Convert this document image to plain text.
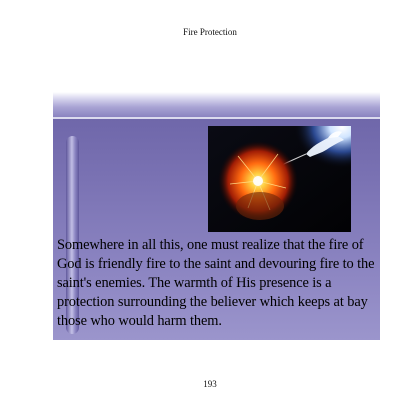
Fire Protection
Somewhere in all this, one must realize that the fire of God is friendly fire to the saint and devouring fire to the saint's enemies. The warmth of His presence is a protection surrounding the believer which keeps at bay those who would harm them.
193
